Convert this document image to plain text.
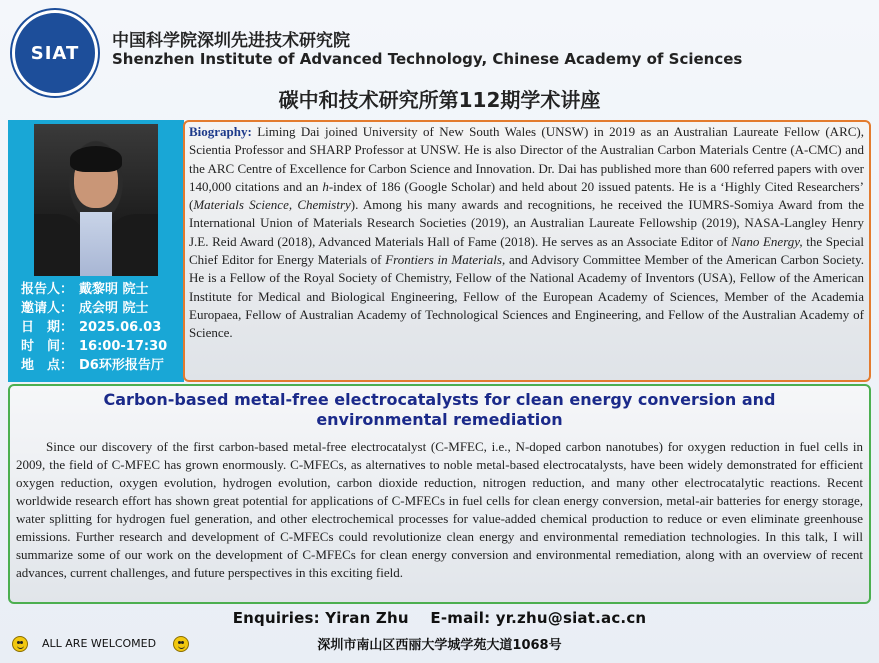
SIAT
中国科学院深圳先进技术研究院
Shenzhen Institute of Advanced Technology, Chinese Academy of Sciences
碳中和技术研究所第112期学术讲座
报告人： 戴黎明 院士
邀请人： 成会明 院士
日　期： 2025.06.03
时　间： 16:00-17:30
地　点： D6环形报告厅

Biography: Liming Dai joined University of New South Wales (UNSW) in 2019 as an Australian Laureate Fellow (ARC), Scientia Professor and SHARP Professor at UNSW. He is also Director of the Australian Carbon Materials Centre (A-CMC) and the ARC Centre of Excellence for Carbon Science and Innovation. Dr. Dai has published more than 600 referred papers with over 140,000 citations and an h-index of 186 (Google Scholar) and held about 20 issued patents. He is a ‘Highly Cited Researchers’ (Materials Science, Chemistry). Among his many awards and recognitions, he received the IUMRS-Somiya Award from the International Union of Materials Research Societies (2019), an Australian Laureate Fellowship (2019), NASA-Langley Henry J.E. Reid Award (2018), Advanced Materials Hall of Fame (2018). He serves as an Associate Editor of Nano Energy, the Special Chief Editor for Energy Materials of Frontiers in Materials, and Advisory Committee Member of the American Carbon Society. He is a Fellow of the Royal Society of Chemistry, Fellow of the National Academy of Inventors (USA), Fellow of the American Institute for Medical and Biological Engineering, Fellow of the European Academy of Sciences, Member of the Academia Europaea, Fellow of Australian Academy of Technological Sciences and Engineering, and Fellow of the Australian Academy of Science.

Carbon-based metal-free electrocatalysts for clean energy conversion and environmental remediation

Since our discovery of the first carbon-based metal-free electrocatalyst (C-MFEC, i.e., N-doped carbon nanotubes) for oxygen reduction in fuel cells in 2009, the field of C-MFEC has grown enormously. C-MFECs, as alternatives to noble metal-based electrocatalysts, have been widely demonstrated for efficient oxygen reduction, oxygen evolution, hydrogen evolution, carbon dioxide reduction, nitrogen reduction, and many other electrocatalytic reactions. Recent worldwide research effort has shown great potential for applications of C-MFECs in fuel cells for clean energy conversion, metal-air batteries for energy storage, water splitting for hydrogen fuel generation, and other electrochemical processes for value-added chemical production to reduce or even eliminate greenhouse emissions. Further research and development of C-MFECs could revolutionize clean energy and environmental remediation technologies. In this talk, I will summarize some of our work on the development of C-MFECs for clean energy conversion and environmental remediation, along with an overview of recent advances, current challenges, and future perspectives in this exciting field.

ALL ARE WELCOMED
Enquiries: Yiran Zhu    E-mail: yr.zhu@siat.ac.cn
深圳市南山区西丽大学城学苑大道1068号
